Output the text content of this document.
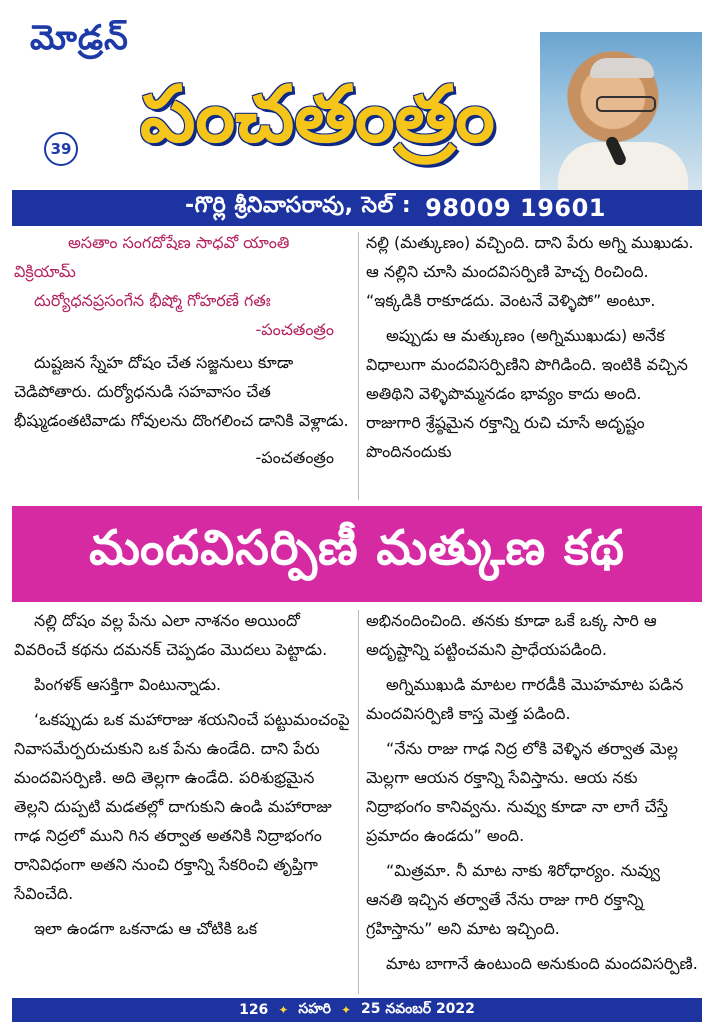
మోడ్రన్
39 పంచతంత్రం
-గొర్లి శ్రీనివాసరావు, సెల్ : 98009 19601

అసతాం సంగదోషేణ సాధవో యాంతి

విక్రియామ్

దుర్యోధనప్రసంగేన భీష్మో గోహరణే గతః

-పంచతంత్రం

దుష్టజన స్నేహ దోషం చేత సజ్జనులు కూడా చెడిపోతారు. దుర్యోధనుడి సహవాసం చేత భీష్ముడంతటివాడు గోవులను దొంగలించ డానికి వెళ్లాడు.

-పంచతంత్రం

నల్లి (మత్కుణం) వచ్చింది. దాని పేరు అగ్ని ముఖుడు. ఆ నల్లిని చూసి మందవిసర్పిణి హెచ్చ రించింది. “ఇక్కడికి రాకూడదు. వెంటనే వెళ్ళిపో” అంటూ.

అప్పుడు ఆ మత్కుణం (అగ్నిముఖుడు) అనేక విధాలుగా మందవిసర్పిణిని పొగిడింది. ఇంటికి వచ్చిన అతిథిని వెళ్ళిపొమ్మనడం భావ్యం కాదు అంది. రాజుగారి శ్రేష్ఠమైన రక్తాన్ని రుచి చూసే అదృష్టం పొందినందుకు

మందవిసర్పిణీ మత్కుణ కథ

నల్లి దోషం వల్ల పేను ఎలా నాశనం అయిందో వివరించే కథను దమనక్ చెప్పడం మొదలు పెట్టాడు.

పింగళక్ ఆసక్తిగా వింటున్నాడు.

‘ఒకప్పుడు ఒక మహారాజు శయనించే పట్టుమంచంపై నివాసమేర్పరుచుకుని ఒక పేను ఉండేది. దాని పేరు మందవిసర్పిణి. అది తెల్లగా ఉండేది. పరిశుభ్రమైన తెల్లని దుప్పటి మడతల్లో దాగుకుని ఉండి మహారాజు గాఢ నిద్రలో ముని గిన తర్వాత అతనికి నిద్రాభంగం రానివిధంగా అతని నుంచి రక్తాన్ని సేకరించి తృప్తిగా సేవించేది.

ఇలా ఉండగా ఒకనాడు ఆ చోటికి ఒక

అభినందించింది. తనకు కూడా ఒకే ఒక్క సారి ఆ అదృష్టాన్ని పట్టించమని ప్రాధేయపడింది.

అగ్నిముఖుడి మాటల గారడీకి మొహమాట పడిన మందవిసర్పిణి కాస్త మెత్త పడింది.

“నేను రాజు గాఢ నిద్ర లోకి వెళ్ళిన తర్వాత మెల్ల మెల్లగా ఆయన రక్తాన్ని సేవిస్తాను. ఆయ నకు నిద్రాభంగం కానివ్వను. నువ్వు కూడా నా లాగే చేస్తే ప్రమాదం ఉండదు” అంది.

“మిత్రమా. నీ మాట నాకు శిరోధార్యం. నువ్వు ఆనతి ఇచ్చిన తర్వాతే నేను రాజు గారి రక్తాన్ని గ్రహిస్తాను” అని మాట ఇచ్చింది.

మాట బాగానే ఉంటుంది అనుకుంది మందవిసర్పిణి.

126 ✦ సహరి ✦ 25 నవంబర్ 2022
